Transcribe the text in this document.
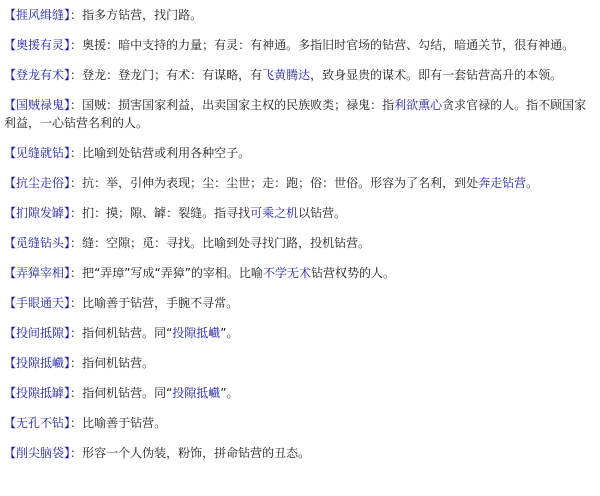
【捱风缉缝】：指多方钻营，找门路。
【奥援有灵】：奥援：暗中支持的力量；有灵：有神通。多指旧时官场的钻营、勾结，暗通关节，很有神通。
【登龙有术】：登龙：登龙门；有术：有谋略，有飞黄腾达，致身显贵的谋术。即有一套钻营高升的本领。
【国贼禄鬼】：国贼：损害国家利益，出卖国家主权的民族败类；禄鬼：指利欲熏心贪求官禄的人。指不顾国家利益，一心钻营名利的人。
【见缝就钻】：比喻到处钻营或利用各种空子。
【抗尘走俗】：抗：举，引伸为表现；尘：尘世；走：跑；俗：世俗。形容为了名利，到处奔走钻营。
【扪隙发罅】：扪：摸；隙、罅：裂缝。指寻找可乘之机以钻营。
【觅缝钻头】：缝：空隙；觅：寻找。比喻到处寻找门路，投机钻营。
【弄獐宰相】：把“弄璋”写成“弄獐”的宰相。比喻不学无术钻营权势的人。
【手眼通天】：比喻善于钻营，手腕不寻常。
【投间抵隙】：指伺机钻营。同“投隙抵巇”。
【投隙抵巇】：指伺机钻营。
【投隙抵罅】：指伺机钻营。同“投隙抵巇”。
【无孔不钻】：比喻善于钻营。
【削尖脑袋】：形容一个人伪装，粉饰，拼命钻营的丑态。
